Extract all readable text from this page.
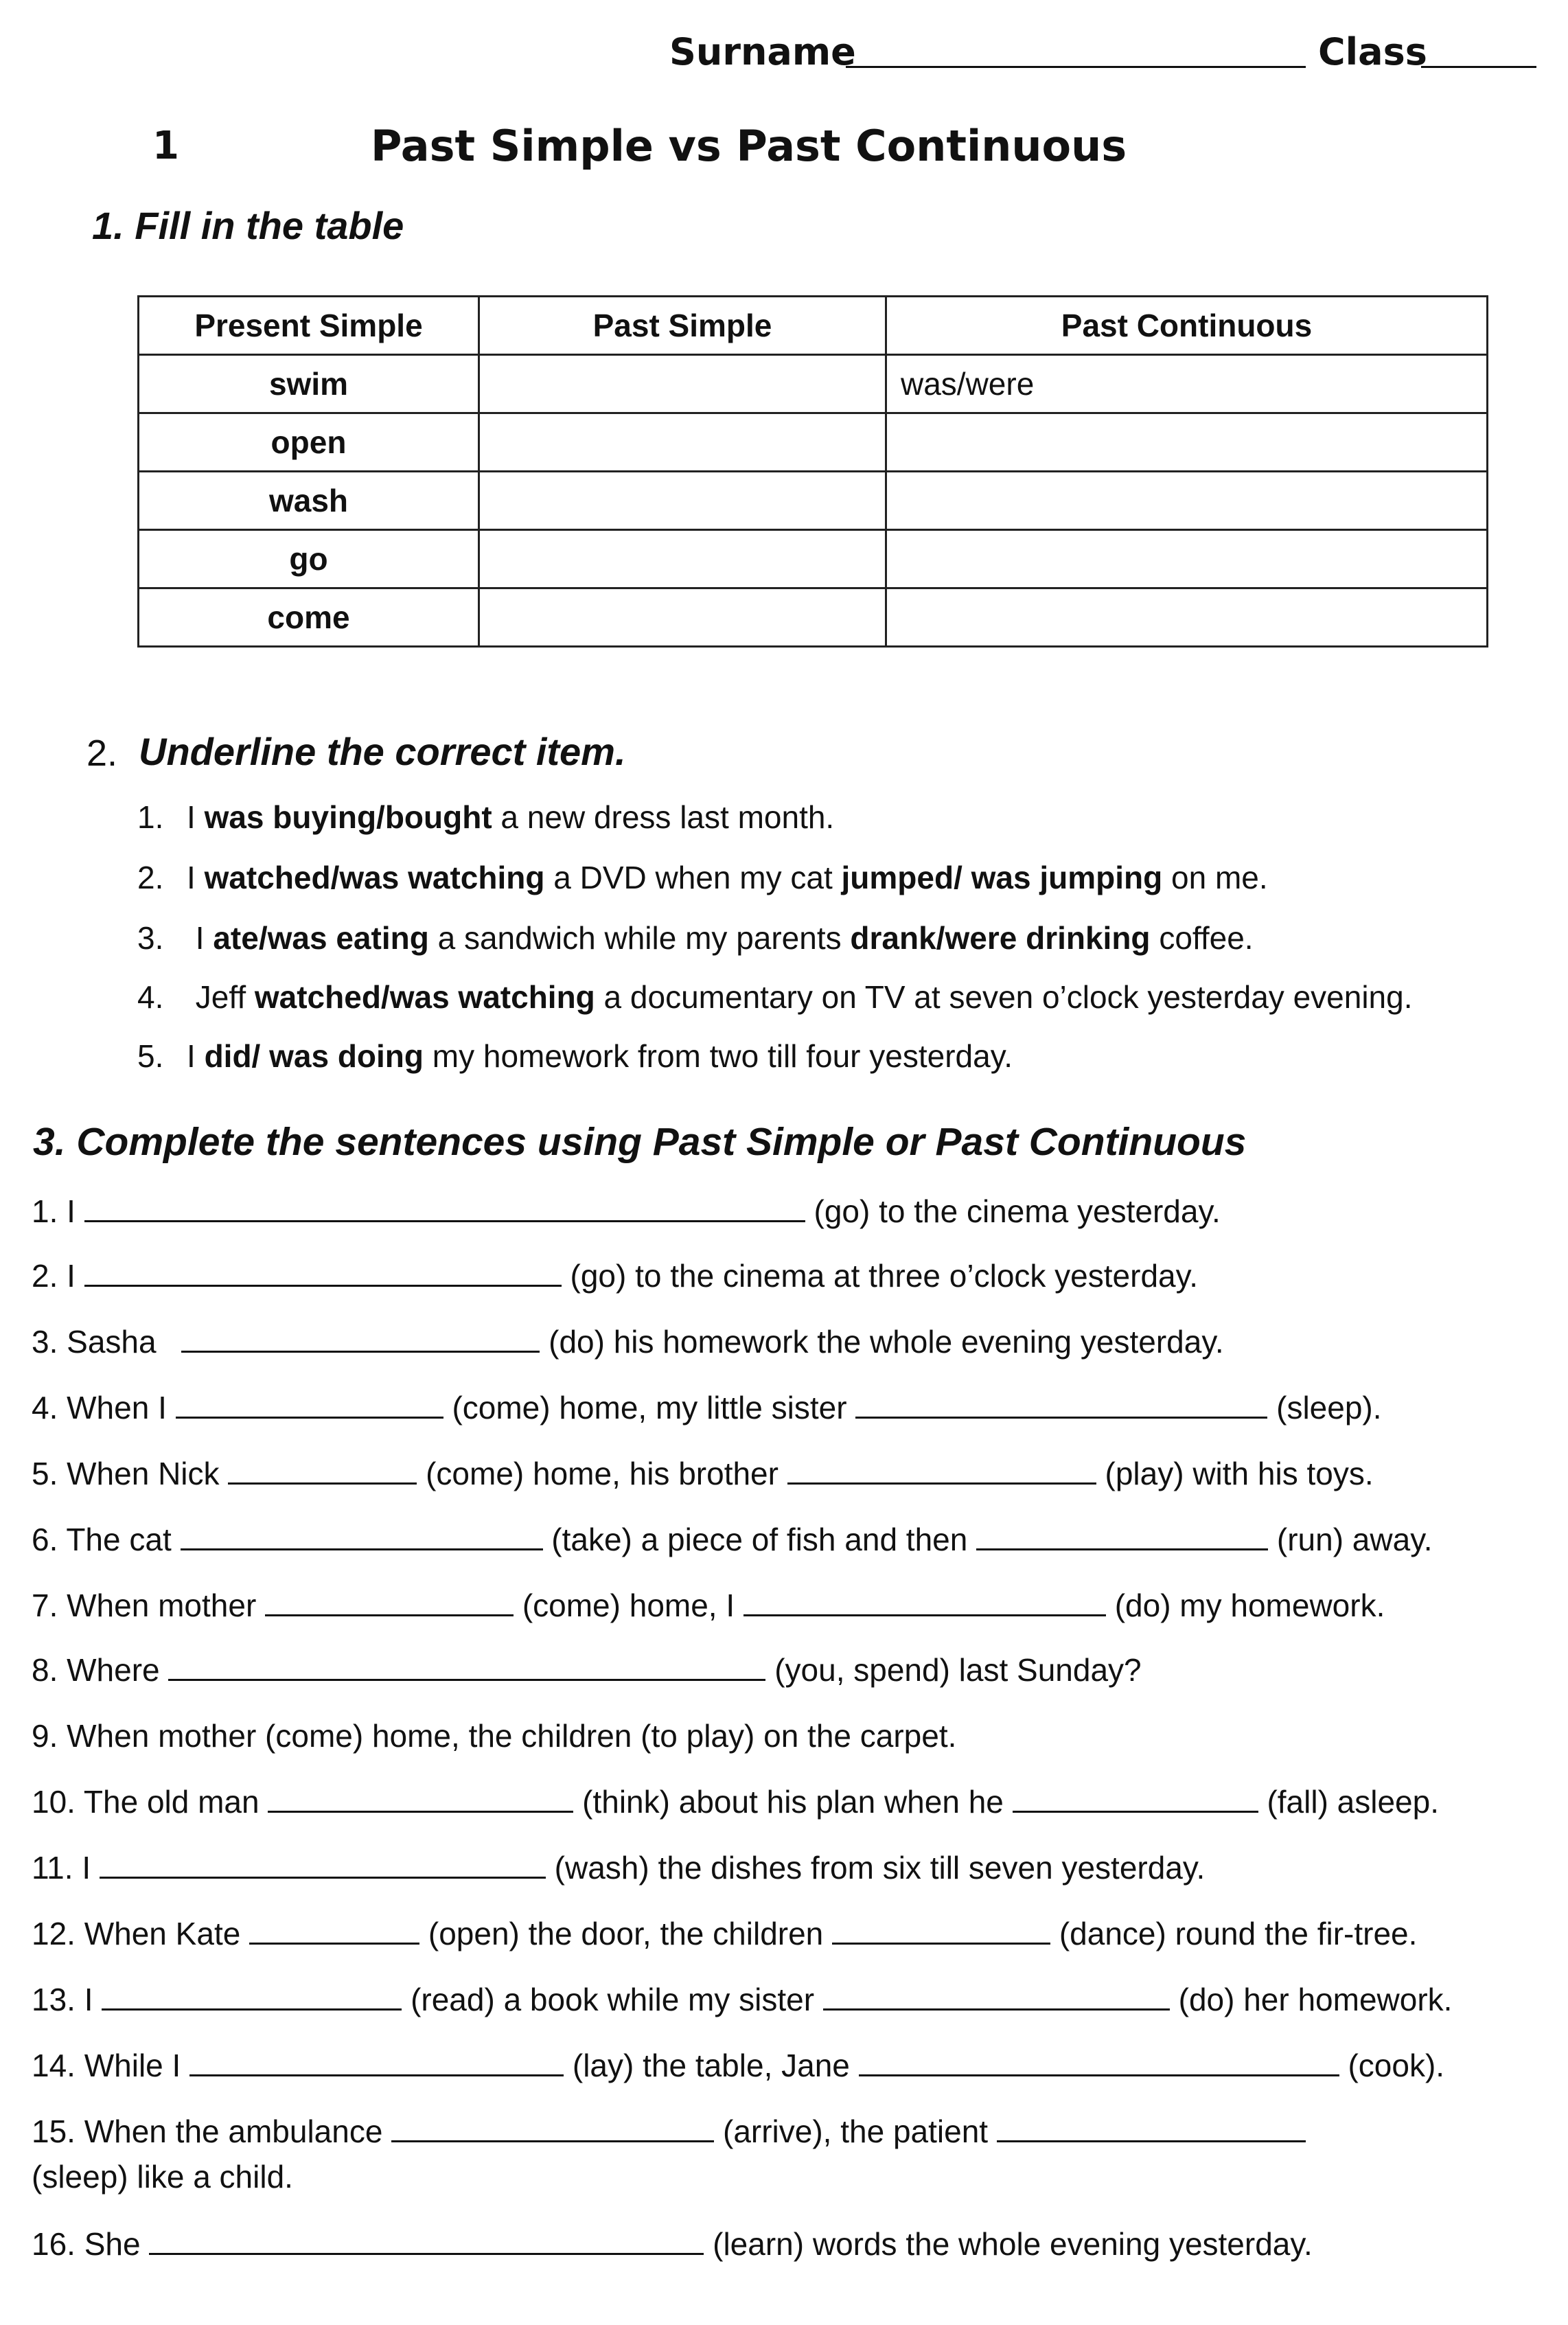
Surname	Class
1	Past Simple vs Past Continuous
1. Fill in the table
Present Simple	Past Simple	Past Continuous
swim		was/were
open		
wash		
go		
come		
2. Underline the correct item.
1. I was buying/bought a new dress last month.
2. I watched/was watching a DVD when my cat jumped/ was jumping on me.
3. I ate/was eating a sandwich while my parents drank/were drinking coffee.
4. Jeff watched/was watching a documentary on TV at seven o’clock yesterday evening.
5. I did/ was doing my homework from two till four yesterday.
3. Complete the sentences using Past Simple or Past Continuous
1. I	(go) to the cinema yesterday.
2. I	(go) to the cinema at three o’clock yesterday.
3. Sasha	(do) his homework the whole evening yesterday.
4. When I	(come) home, my little sister	(sleep).
5. When Nick	(come) home, his brother	(play) with his toys.
6. The cat	(take) a piece of fish and then	(run) away.
7. When mother	(come) home, I	(do) my homework.
8. Where	(you, spend) last Sunday?
9. When mother (come) home, the children (to play) on the carpet.
10. The old man	(think) about his plan when he	(fall) asleep.
11. I	(wash) the dishes from six till seven yesterday.
12. When Kate	(open) the door, the children	(dance) round the fir-tree.
13. I	(read) a book while my sister	(do) her homework.
14. While I	(lay) the table, Jane	(cook).
15. When the ambulance	(arrive), the patient
(sleep) like a child.
16. She	(learn) words the whole evening yesterday.
